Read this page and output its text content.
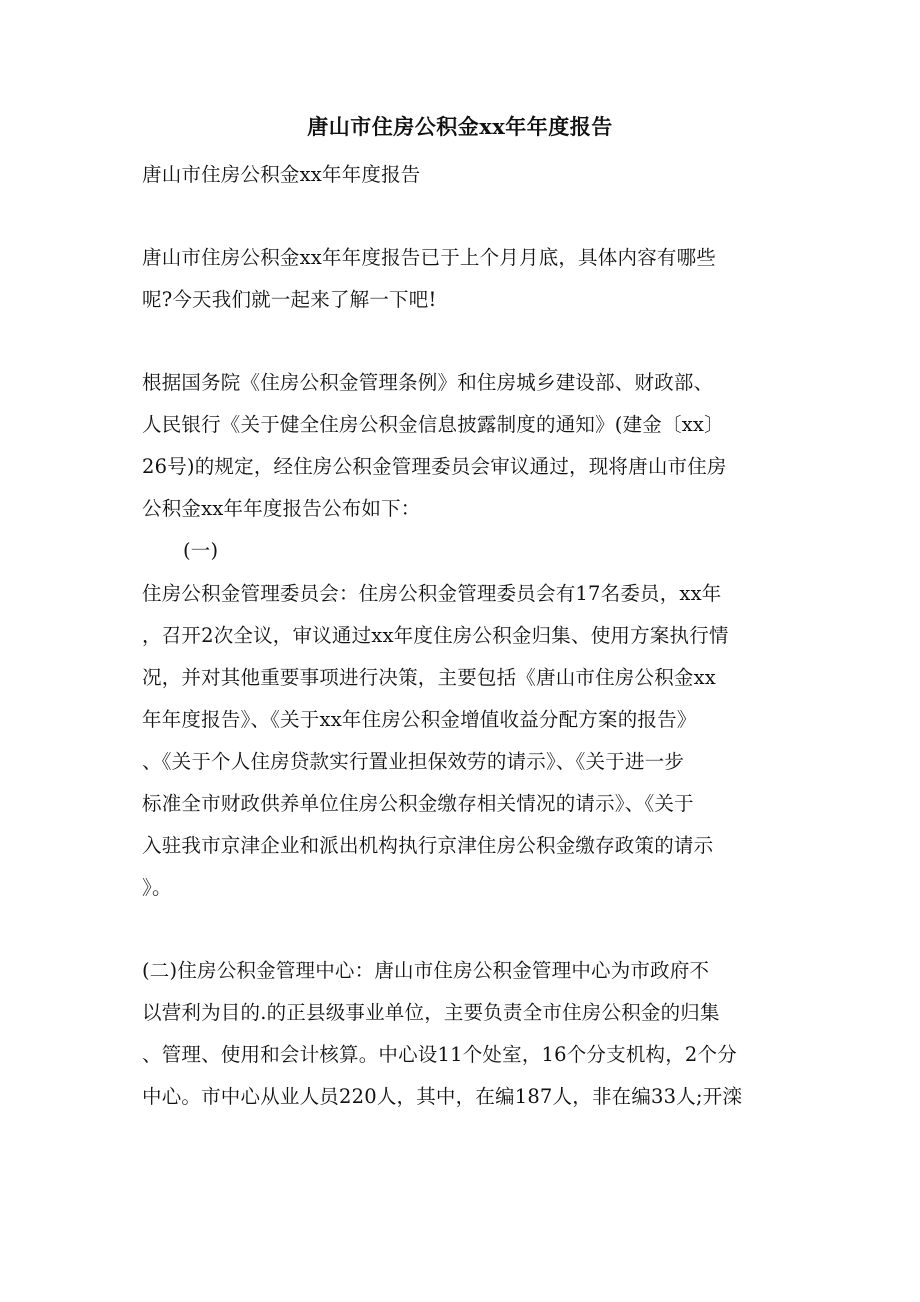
唐山市住房公积金xx年年度报告
唐山市住房公积金xx年年度报告
唐山市住房公积金xx年年度报告已于上个月月底，具体内容有哪些
呢?今天我们就一起来了解一下吧!
根据国务院《住房公积金管理条例》和住房城乡建设部、财政部、
人民银行《关于健全住房公积金信息披露制度的通知》(建金〔xx〕
26号)的规定，经住房公积金管理委员会审议通过，现将唐山市住房
公积金xx年年度报告公布如下：
(一)
住房公积金管理委员会：住房公积金管理委员会有17名委员，xx年
，召开2次全议，审议通过xx年度住房公积金归集、使用方案执行情
况，并对其他重要事项进行决策，主要包括《唐山市住房公积金xx
年年度报告》、《关于xx年住房公积金增值收益分配方案的报告》
、《关于个人住房贷款实行置业担保效劳的请示》、《关于进一步
标准全市财政供养单位住房公积金缴存相关情况的请示》、《关于
入驻我市京津企业和派出机构执行京津住房公积金缴存政策的请示
》。
(二)住房公积金管理中心：唐山市住房公积金管理中心为市政府不
以营利为目的.的正县级事业单位，主要负责全市住房公积金的归集
、管理、使用和会计核算。中心设11个处室，16个分支机构，2个分
中心。市中心从业人员220人，其中，在编187人，非在编33人;开滦
